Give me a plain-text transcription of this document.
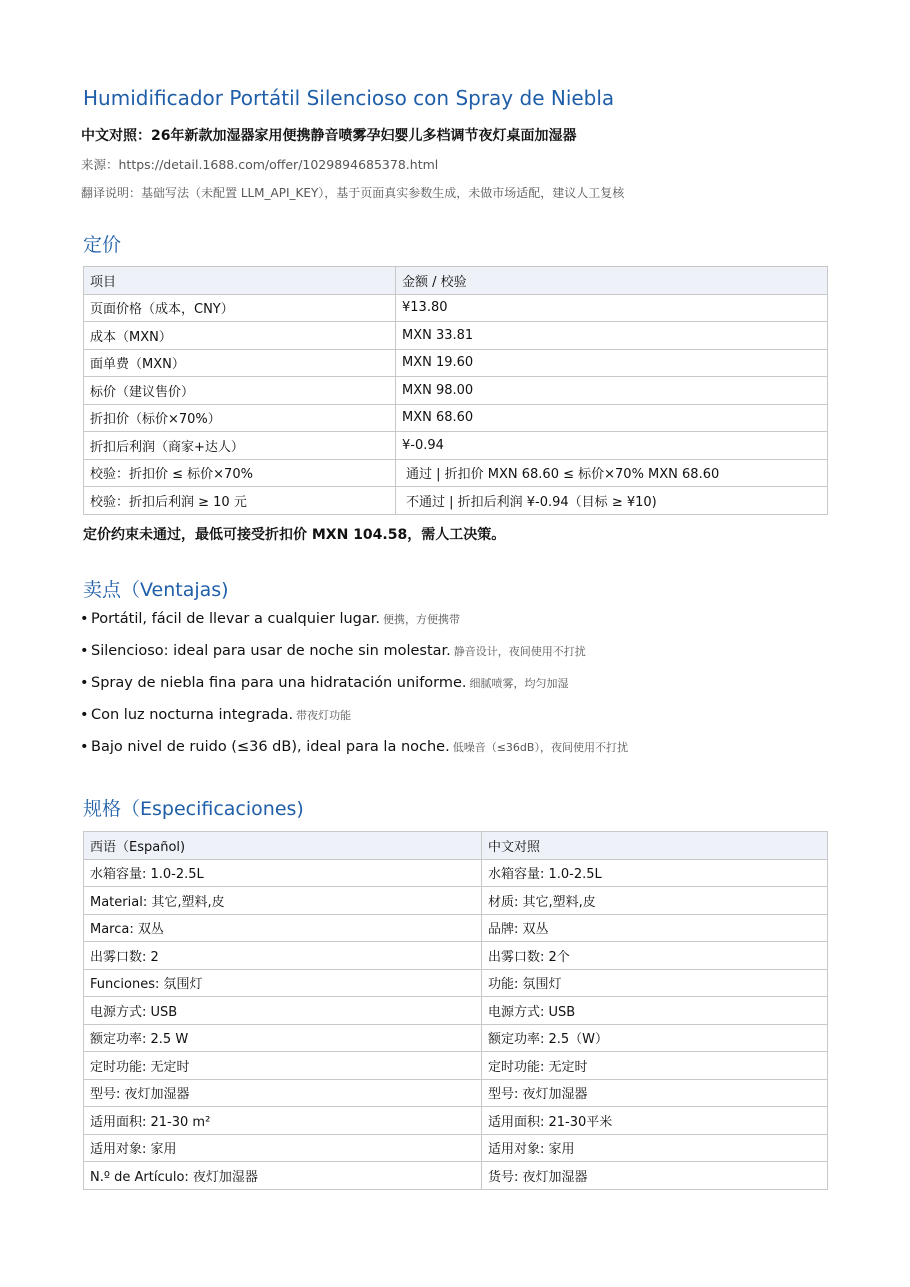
Humidificador Portátil Silencioso con Spray de Niebla
中文对照：26年新款加湿器家用便携静音喷雾孕妇婴儿多档调节夜灯桌面加湿器
来源：https://detail.1688.com/offer/1029894685378.html
翻译说明：基础写法（未配置 LLM_API_KEY），基于页面真实参数生成，未做市场适配，建议人工复核
定价
项目	金额 / 校验
页面价格（成本，CNY）	¥13.80
成本（MXN）	MXN 33.81
面单费（MXN）	MXN 19.60
标价（建议售价）	MXN 98.00
折扣价（标价×70%）	MXN 68.60
折扣后利润（商家+达人）	¥-0.94
校验：折扣价 ≤ 标价×70%	通过 | 折扣价 MXN 68.60 ≤ 标价×70% MXN 68.60
校验：折扣后利润 ≥ 10 元	不通过 | 折扣后利润 ¥-0.94（目标 ≥ ¥10)
定价约束未通过，最低可接受折扣价 MXN 104.58，需人工决策。
卖点（Ventajas)
• Portátil, fácil de llevar a cualquier lugar. 便携，方便携带
• Silencioso: ideal para usar de noche sin molestar. 静音设计，夜间使用不打扰
• Spray de niebla fina para una hidratación uniforme. 细腻喷雾，均匀加湿
• Con luz nocturna integrada. 带夜灯功能
• Bajo nivel de ruido (≤36 dB), ideal para la noche. 低噪音（≤36dB），夜间使用不打扰
规格（Especificaciones)
西语（Español)	中文对照
水箱容量: 1.0-2.5L	水箱容量: 1.0-2.5L
Material: 其它,塑料,皮	材质: 其它,塑料,皮
Marca: 双丛	品牌: 双丛
出雾口数: 2	出雾口数: 2个
Funciones: 氛围灯	功能: 氛围灯
电源方式: USB	电源方式: USB
额定功率: 2.5 W	额定功率: 2.5（W）
定时功能: 无定时	定时功能: 无定时
型号: 夜灯加湿器	型号: 夜灯加湿器
适用面积: 21-30 m²	适用面积: 21-30平米
适用对象: 家用	适用对象: 家用
N.º de Artículo: 夜灯加湿器	货号: 夜灯加湿器
